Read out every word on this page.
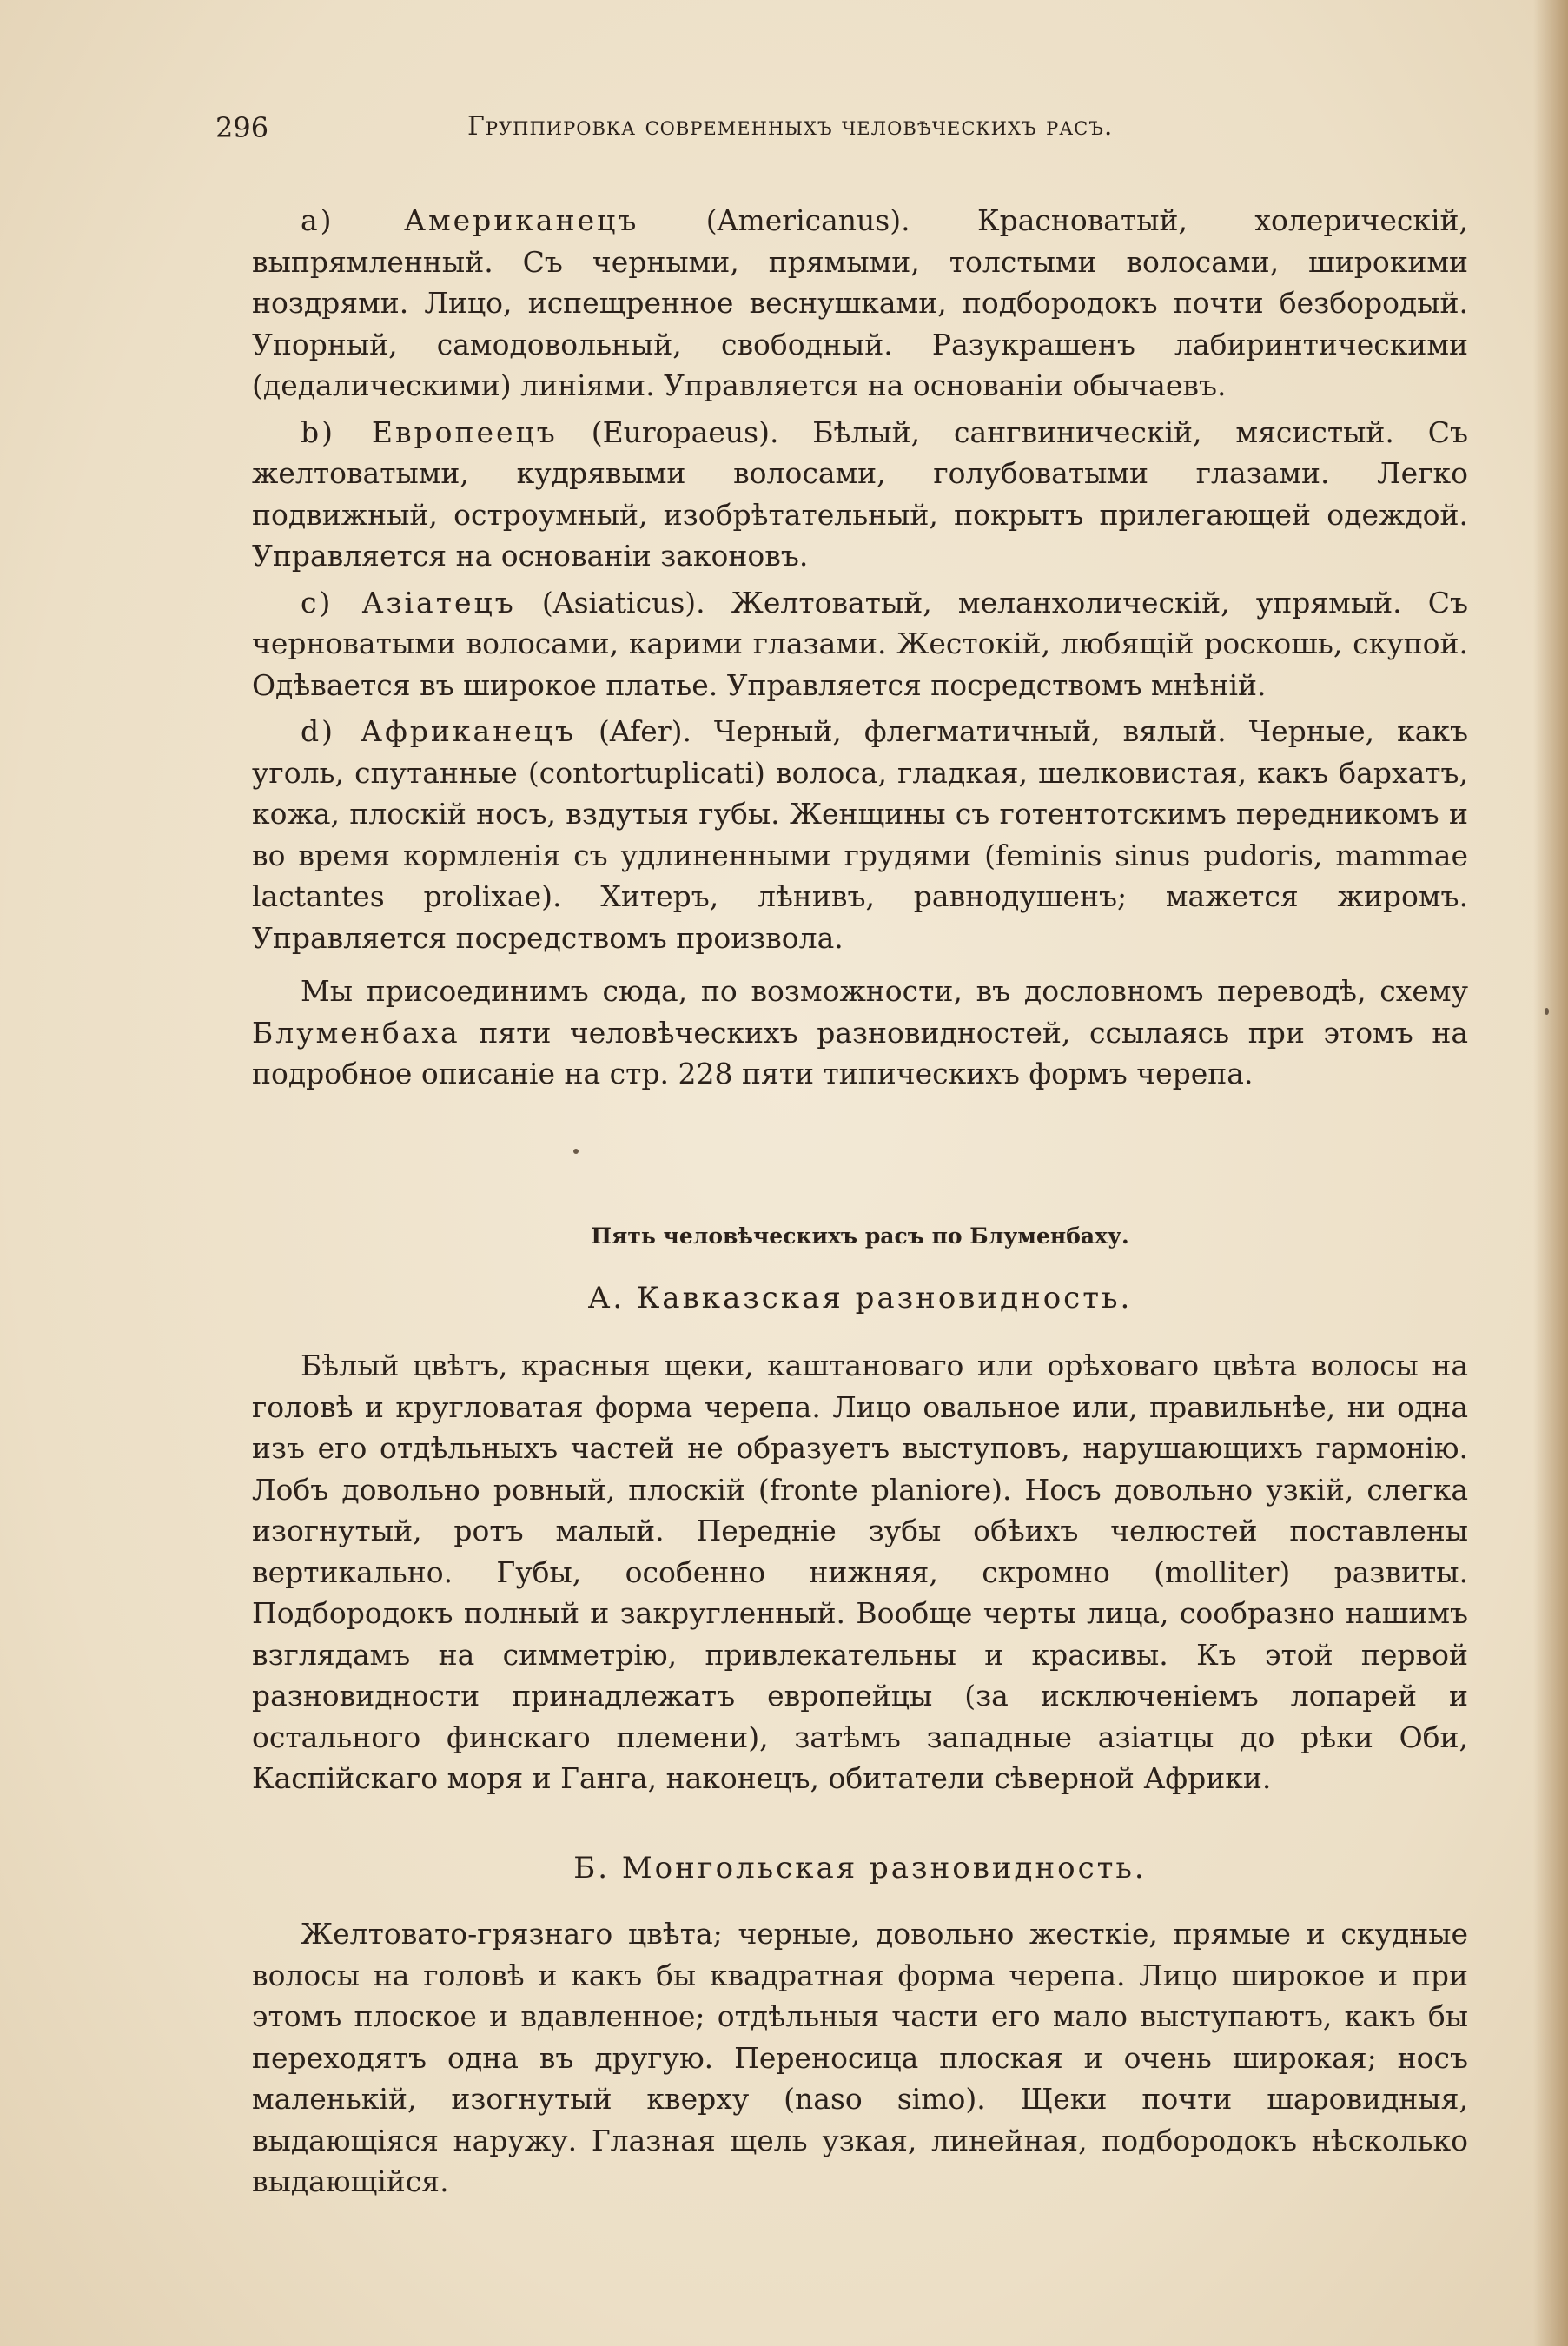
296	Группировка современныхъ человѣческихъ расъ.

a) Американецъ (Americanus). Красноватый, холерическій, выпрямленный. Съ черными, прямыми, толстыми волосами, широкими ноздрями. Лицо, испещренное веснушками, подбородокъ почти безбородый. Упорный, самодовольный, свободный. Разукрашенъ лабиринтическими (дедалическими) линіями. Управляется на основаніи обычаевъ.

b) Европеецъ (Europaeus). Бѣлый, сангвиническій, мясистый. Съ желтоватыми, кудрявыми волосами, голубоватыми глазами. Легко подвижный, остроумный, изобрѣтательный, покрытъ прилегающей одеждой. Управляется на основаніи законовъ.

c) Азіатецъ (Asiaticus). Желтоватый, меланхолическій, упрямый. Съ черноватыми волосами, карими глазами. Жестокій, любящій роскошь, скупой. Одѣвается въ широкое платье. Управляется посредствомъ мнѣній.

d) Африканецъ (Afer). Черный, флегматичный, вялый. Черные, какъ уголь, спутанные (contortuplicati) волоса, гладкая, шелковистая, какъ бархатъ, кожа, плоскій носъ, вздутыя губы. Женщины съ готентотскимъ передникомъ и во время кормленія съ удлиненными грудями (feminis sinus pudoris, mammae lactantes prolixae). Хитеръ, лѣнивъ, равнодушенъ; мажется жиромъ. Управляется посредствомъ произвола.

Мы присоединимъ сюда, по возможности, въ дословномъ переводѣ, схему Блуменбаха пяти человѣческихъ разновидностей, ссылаясь при этомъ на подробное описаніе на стр. 228 пяти типическихъ формъ черепа.

Пять человѣческихъ расъ по Блуменбаху.
А. Кавказская разновидность.

Бѣлый цвѣтъ, красныя щеки, каштановаго или орѣховаго цвѣта волосы на головѣ и кругловатая форма черепа. Лицо овальное или, правильнѣе, ни одна изъ его отдѣльныхъ частей не образуетъ выступовъ, нарушающихъ гармонію. Лобъ довольно ровный, плоскій (fronte planiore). Носъ довольно узкій, слегка изогнутый, ротъ малый. Передніе зубы обѣихъ челюстей поставлены вертикально. Губы, особенно нижняя, скромно (molliter) развиты. Подбородокъ полный и закругленный. Вообще черты лица, сообразно нашимъ взглядамъ на симметрію, привлекательны и красивы. Къ этой первой разновидности принадлежатъ европейцы (за исключеніемъ лопарей и остального финскаго племени), затѣмъ западные азіатцы до рѣки Оби, Каспійскаго моря и Ганга, наконецъ, обитатели сѣверной Африки.

Б. Монгольская разновидность.

Желтовато-грязнаго цвѣта; черные, довольно жесткіе, прямые и скудные волосы на головѣ и какъ бы квадратная форма черепа. Лицо широкое и при этомъ плоское и вдавленное; отдѣльныя части его мало выступаютъ, какъ бы переходятъ одна въ другую. Переносица плоская и очень широкая; носъ маленькій, изогнутый кверху (naso simo). Щеки почти шаровидныя, выдающіяся наружу. Глазная щель узкая, линейная, подбородокъ нѣсколько выдающійся.
